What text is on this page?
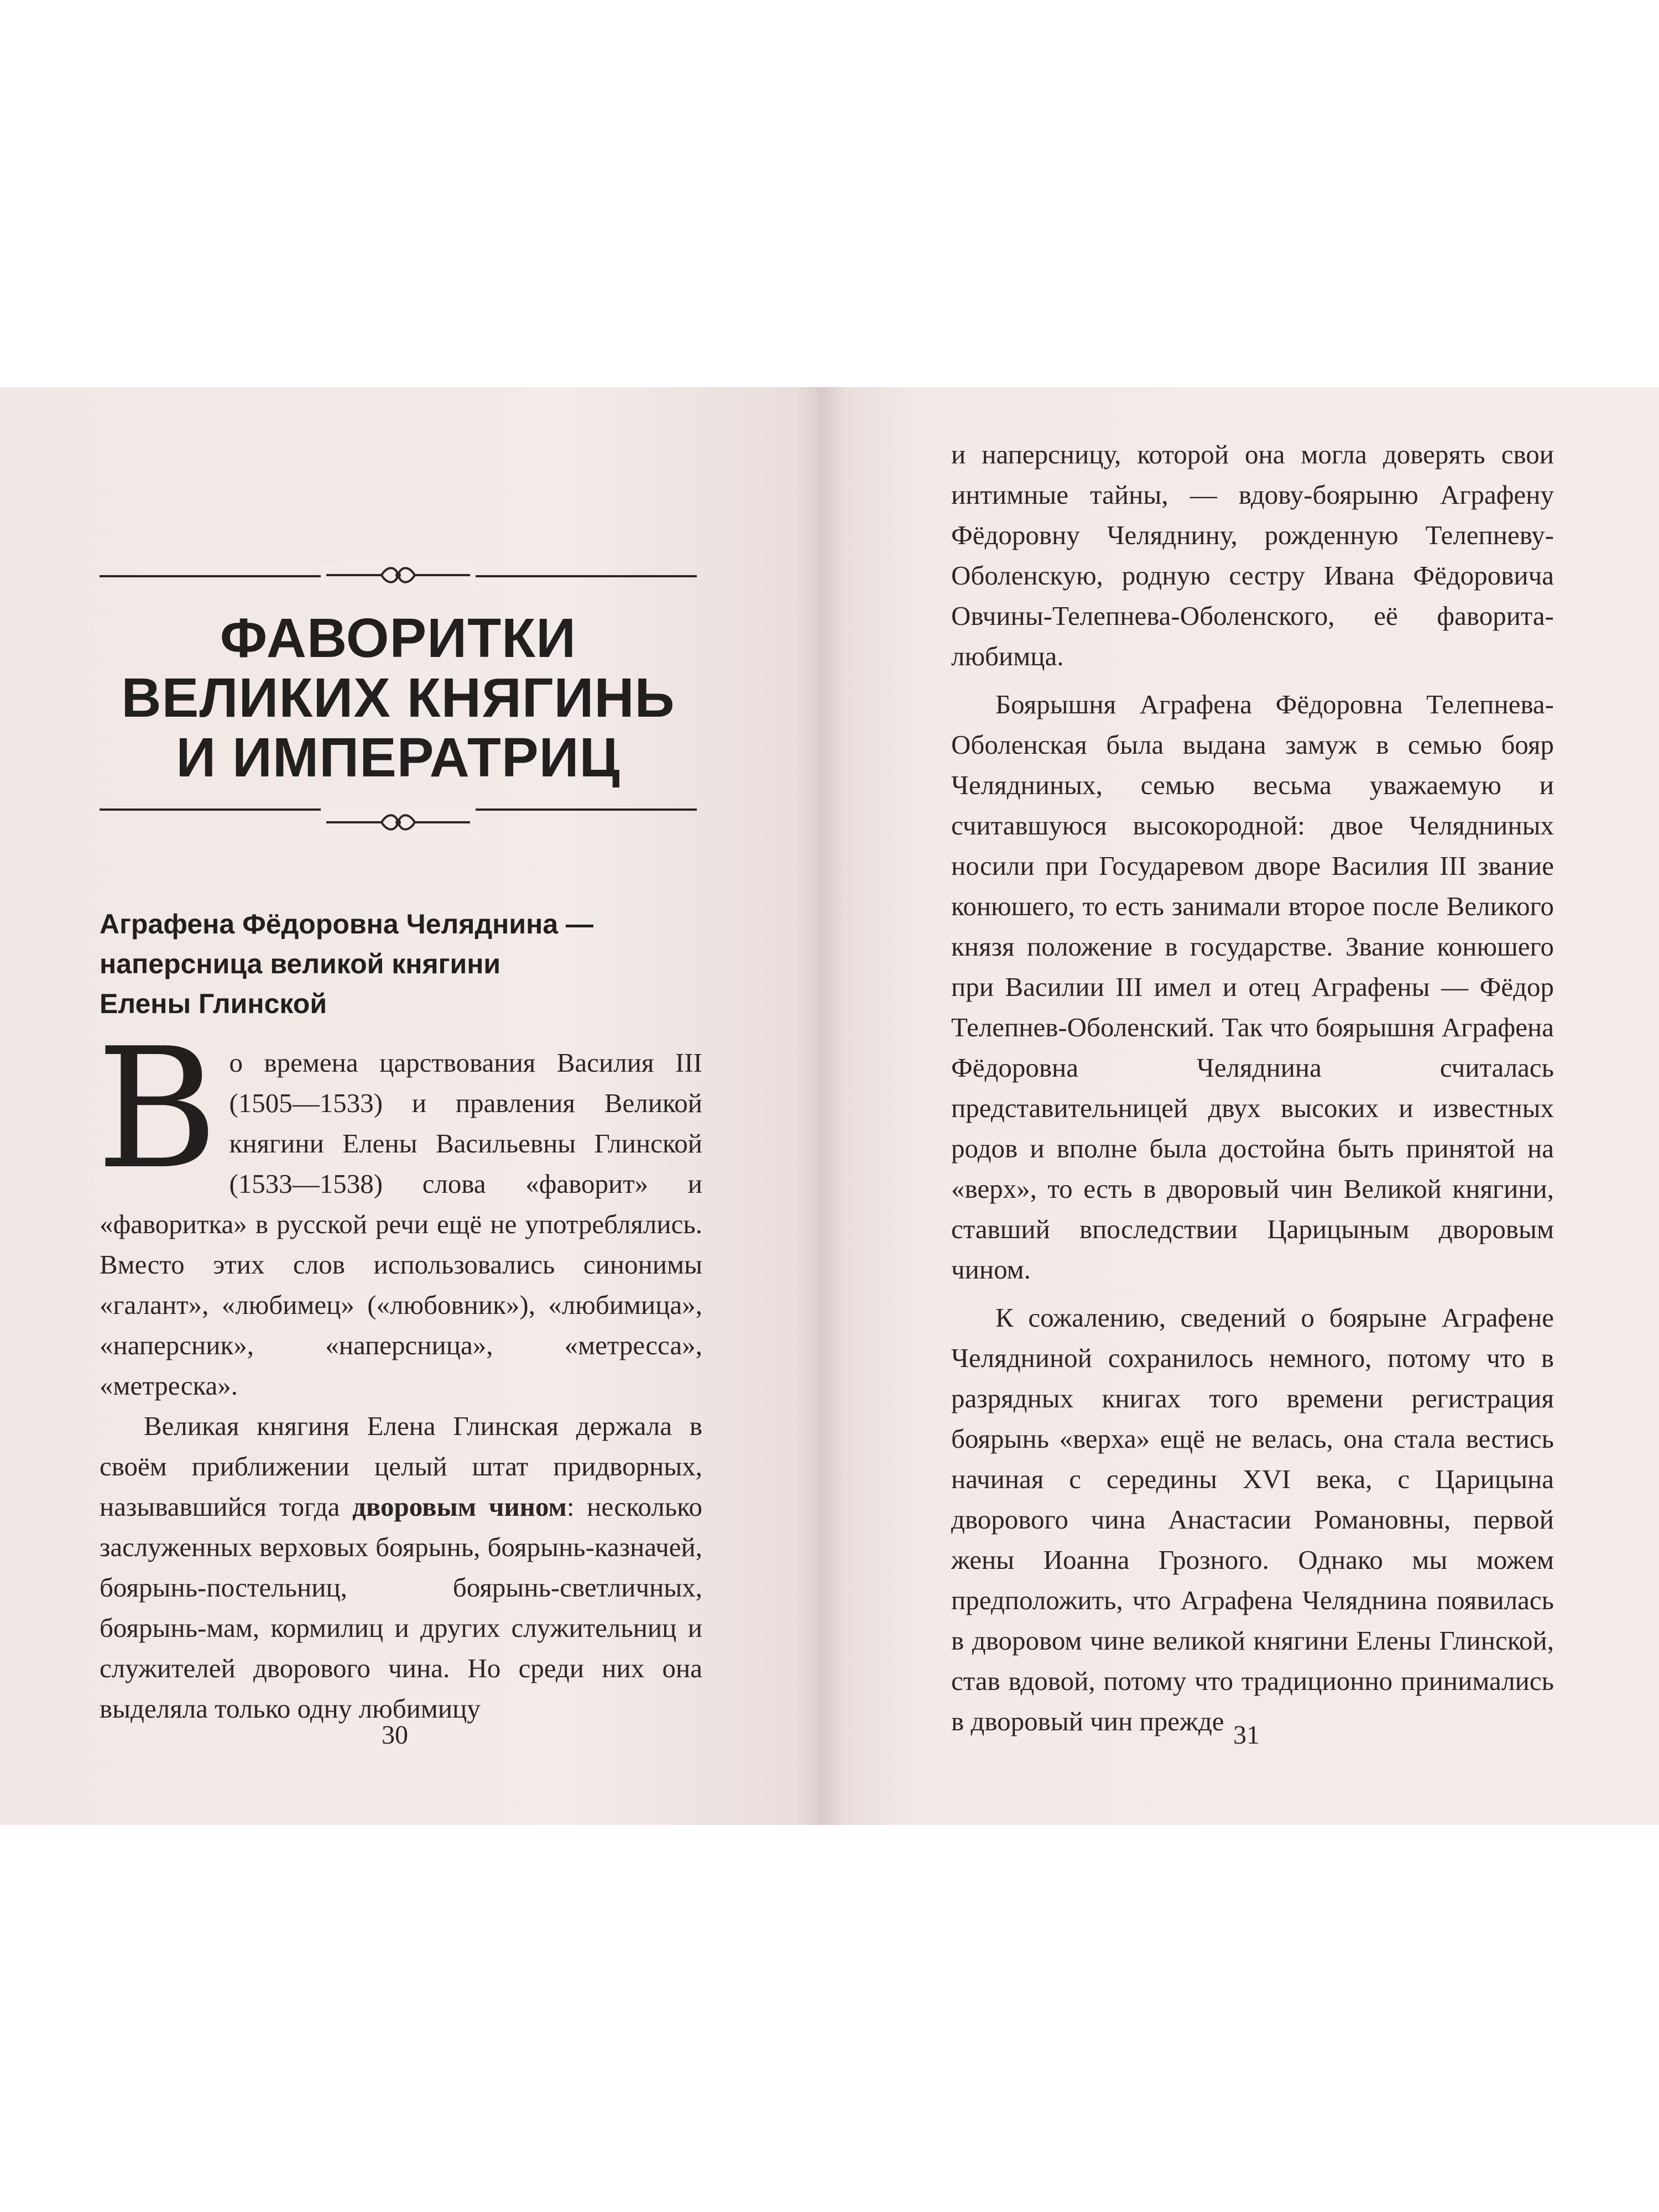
ФАВОРИТКИ
ВЕЛИКИХ КНЯГИНЬ
И ИМПЕРАТРИЦ
Аграфена Фёдоровна Челяднина —
наперсница великой княгини
Елены Глинской

Во времена царствования Василия III (1505—1533) и правления Великой княгини Елены Васильевны Глинской (1533—1538) слова «фаворит» и «фаворитка» в русской речи ещё не употреблялись. Вместо этих слов использовались синонимы «галант», «любимец» («любовник»), «любимица», «наперсник», «наперсница», «метресса», «метреска».

Великая княгиня Елена Глинская держала в своём приближении целый штат придворных, называвшийся тогда дворовым чином: несколько заслуженных верховых боярынь, боярынь-казначей, боярынь-постельниц, боярынь-светличных, боярынь-мам, кормилиц и других служительниц и служителей дворового чина. Но среди них она выделяла только одну любимицу

30

и наперсницу, которой она могла доверять свои интимные тайны, — вдову-боярыню Аграфену Фёдоровну Челяднину, рожденную Телепневу-Оболенскую, родную сестру Ивана Фёдоровича Овчины-Телепнева-Оболенского, её фаворита-любимца.

Боярышня Аграфена Фёдоровна Телепнева-Оболенская была выдана замуж в семью бояр Челядниных, семью весьма уважаемую и считавшуюся высокородной: двое Челядниных носили при Государевом дворе Василия III звание конюшего, то есть занимали второе после Великого князя положение в государстве. Звание конюшего при Василии III имел и отец Аграфены — Фёдор Телепнев-Оболенский. Так что боярышня Аграфена Фёдоровна Челяднина считалась представительницей двух высоких и известных родов и вполне была достойна быть принятой на «верх», то есть в дворовый чин Великой княгини, ставший впоследствии Царицыным дворовым чином.

К сожалению, сведений о боярыне Аграфене Челядниной сохранилось немного, потому что в разрядных книгах того времени регистрация боярынь «верха» ещё не велась, она стала вестись начиная с середины XVI века, с Царицына дворового чина Анастасии Романовны, первой жены Иоанна Грозного. Однако мы можем предположить, что Аграфена Челяднина появилась в дворовом чине великой княгини Елены Глинской, став вдовой, потому что традиционно принимались в дворовый чин прежде 31
